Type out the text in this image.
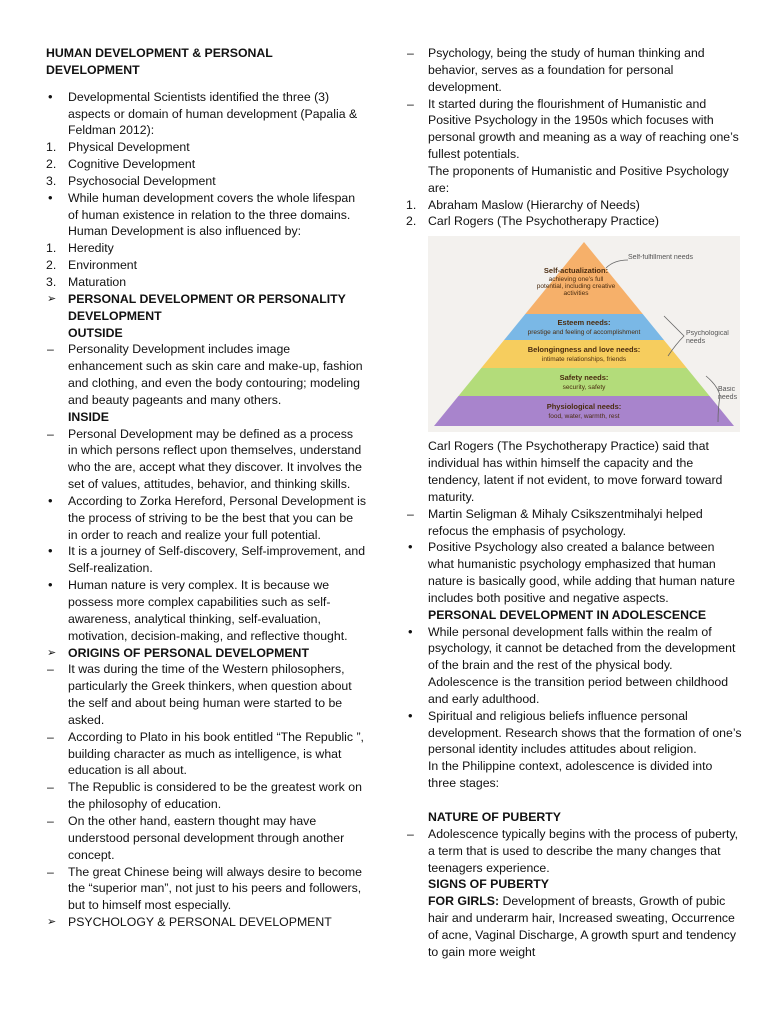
HUMAN DEVELOPMENT & PERSONAL DEVELOPMENT
•	Developmental Scientists identified the three (3) aspects or domain of human development (Papalia & Feldman 2012):
1. Physical Development
2. Cognitive Development
3. Psychosocial Development
•	While human development covers the whole lifespan of human existence in relation to the three domains. Human Development is also influenced by:
1. Heredity
2. Environment
3. Maturation
➢ PERSONAL DEVELOPMENT OR PERSONALITY DEVELOPMENT
OUTSIDE
–	Personality Development includes image enhancement such as skin care and make-up, fashion and clothing, and even the body contouring; modeling and beauty pageants and many others.
INSIDE
–	Personal Development may be defined as a process in which persons reflect upon themselves, understand who the are, accept what they discover. It involves the set of values, attitudes, behavior, and thinking skills.
•	According to Zorka Hereford, Personal Development is the process of striving to be the best that you can be in order to reach and realize your full potential.
•	It is a journey of Self-discovery, Self-improvement, and Self-realization.
•	Human nature is very complex. It is because we possess more complex capabilities such as self-awareness, analytical thinking, self-evaluation, motivation, decision-making, and reflective thought.
➢ ORIGINS OF PERSONAL DEVELOPMENT
–	It was during the time of the Western philosophers, particularly the Greek thinkers, when question about the self and about being human were started to be asked.
–	According to Plato in his book entitled “The Republic ”, building character as much as intelligence, is what education is all about.
–	The Republic is considered to be the greatest work on the philosophy of education.
–	On the other hand, eastern thought may have understood personal development through another concept.
–	The great Chinese being will always desire to become the “superior man”, not just to his peers and followers, but to himself most especially.
➢ PSYCHOLOGY & PERSONAL DEVELOPMENT
–	Psychology, being the study of human thinking and behavior, serves as a foundation for personal development.
–	It started during the flourishment of Humanistic and Positive Psychology in the 1950s which focuses with personal growth and meaning as a way of reaching one’s fullest potentials.
The proponents of Humanistic and Positive Psychology are:
1. Abraham Maslow (Hierarchy of Needs)
2. Carl Rogers (The Psychotherapy Practice)
Self-actualization:
achieving one’s full potential, including creative activities
Esteem needs:
prestige and feeling of accomplishment
Belongingness and love needs:
intimate relationships, friends
Safety needs:
security, safety
Physiological needs:
food, water, warmth, rest
Self-fulfillment needs
Psychological needs
Basic needs
Carl Rogers (The Psychotherapy Practice) said that individual has within himself the capacity and the tendency, latent if not evident, to move forward toward maturity.
–	Martin Seligman & Mihaly Csikszentmihalyi helped refocus the emphasis of psychology.
•	Positive Psychology also created a balance between what humanistic psychology emphasized that human nature is basically good, while adding that human nature includes both positive and negative aspects.
PERSONAL DEVELOPMENT IN ADOLESCENCE
•	While personal development falls within the realm of psychology, it cannot be detached from the development of the brain and the rest of the physical body. Adolescence is the transition period between childhood and early adulthood.
•	Spiritual and religious beliefs influence personal development. Research shows that the formation of one’s personal identity includes attitudes about religion.
In the Philippine context, adolescence is divided into three stages:
NATURE OF PUBERTY
–	Adolescence typically begins with the process of puberty, a term that is used to describe the many changes that teenagers experience.
SIGNS OF PUBERTY
FOR GIRLS: Development of breasts, Growth of pubic hair and underarm hair, Increased sweating, Occurrence of acne, Vaginal Discharge, A growth spurt and tendency to gain more weight
